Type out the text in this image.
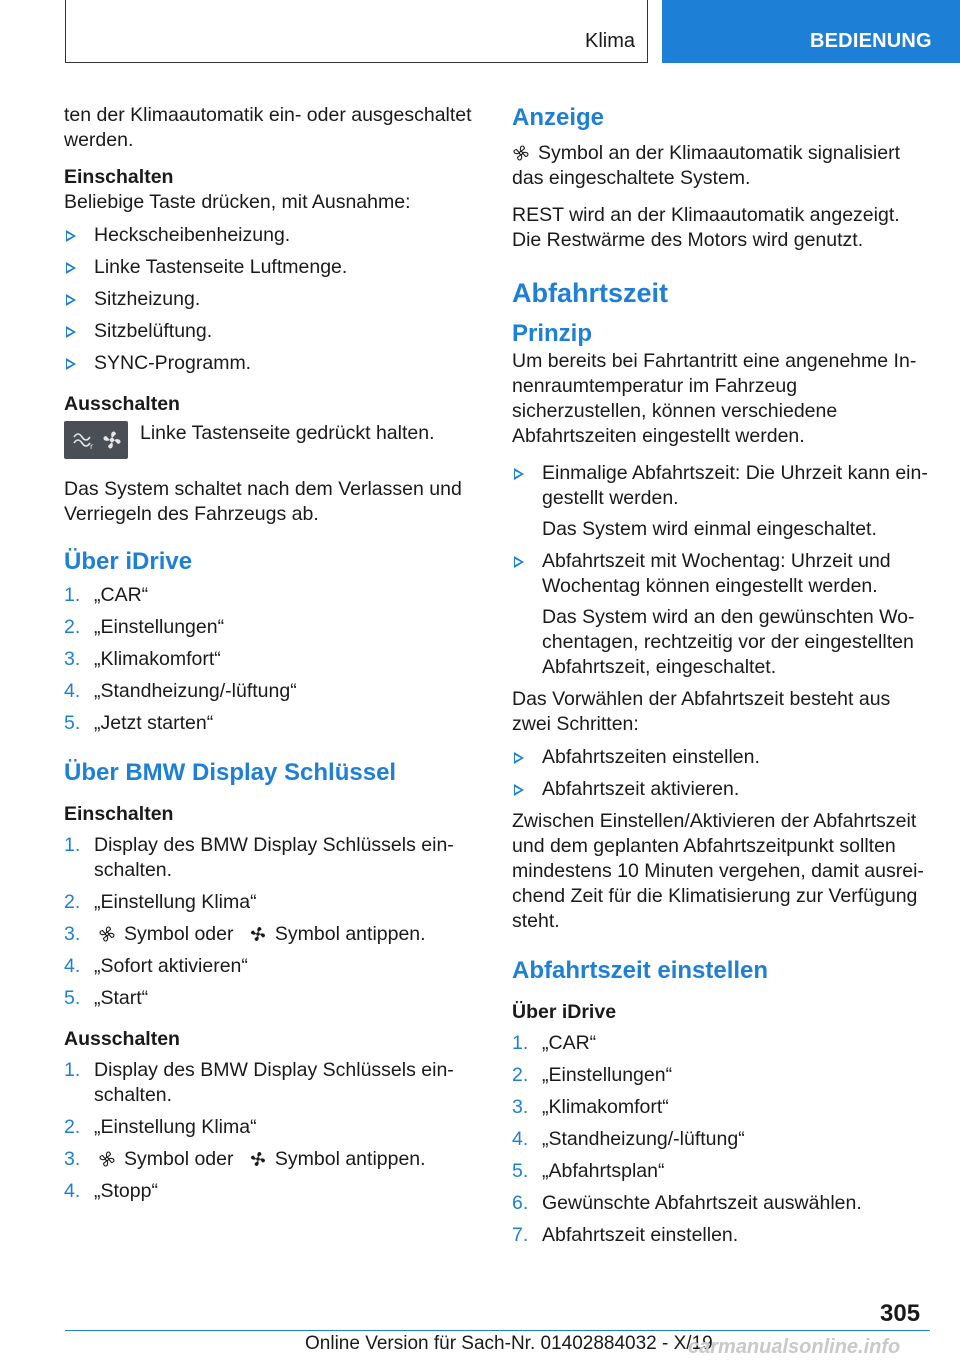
Klima	BEDIENUNG

ten der Klimaautomatik ein- oder ausgeschaltet werden.

Einschalten

Beliebige Taste drücken, mit Ausnahme:

Heckscheibenheizung.
Linke Tastenseite Luftmenge.
Sitzheizung.
Sitzbelüftung.
SYNC-Programm.

Ausschalten

r
Linke Tastenseite gedrückt halten.

Das System schaltet nach dem Verlassen und Verriegeln des Fahrzeugs ab.

Über iDrive
1. „CAR“
2. „Einstellungen“
3. „Klimakomfort“
4. „Standheizung/-lüftung“
5. „Jetzt starten“
Über BMW Display Schlüssel

Einschalten

1. Display des BMW Display Schlüssels einschalten.
2. „Einstellung Klima“
3. Symbol oder Symbol antippen.
4. „Sofort aktivieren“
5. „Start“

Ausschalten

1. Display des BMW Display Schlüssels einschalten.
2. „Einstellung Klima“
3. Symbol oder Symbol antippen.
4. „Stopp“
Anzeige

Symbol an der Klimaautomatik signalisiert das eingeschaltete System.

REST wird an der Klimaautomatik angezeigt. Die Restwärme des Motors wird genutzt.

Abfahrtszeit
Prinzip

Um bereits bei Fahrtantritt eine angenehme Innenraumtemperatur im Fahrzeug sicherzustellen, können verschiedene Abfahrtszeiten eingestellt werden.

Einmalige Abfahrtszeit: Die Uhrzeit kann eingestellt werden.

Das System wird einmal eingeschaltet.

Abfahrtszeit mit Wochentag: Uhrzeit und Wochentag können eingestellt werden.

Das System wird an den gewünschten Wochentagen, rechtzeitig vor der eingestellten Abfahrtszeit, eingeschaltet.

Das Vorwählen der Abfahrtszeit besteht aus zwei Schritten:

Abfahrtszeiten einstellen.
Abfahrtszeit aktivieren.

Zwischen Einstellen/Aktivieren der Abfahrtszeit und dem geplanten Abfahrtszeitpunkt sollten mindestens 10 Minuten vergehen, damit ausreichend Zeit für die Klimatisierung zur Verfügung steht.

Abfahrtszeit einstellen

Über iDrive

1. „CAR“
2. „Einstellungen“
3. „Klimakomfort“
4. „Standheizung/-lüftung“
5. „Abfahrtsplan“
6. Gewünschte Abfahrtszeit auswählen.
7. Abfahrtszeit einstellen.
305
Online Version für Sach-Nr. 01402884032 - X/19
carmanualsonline.info
